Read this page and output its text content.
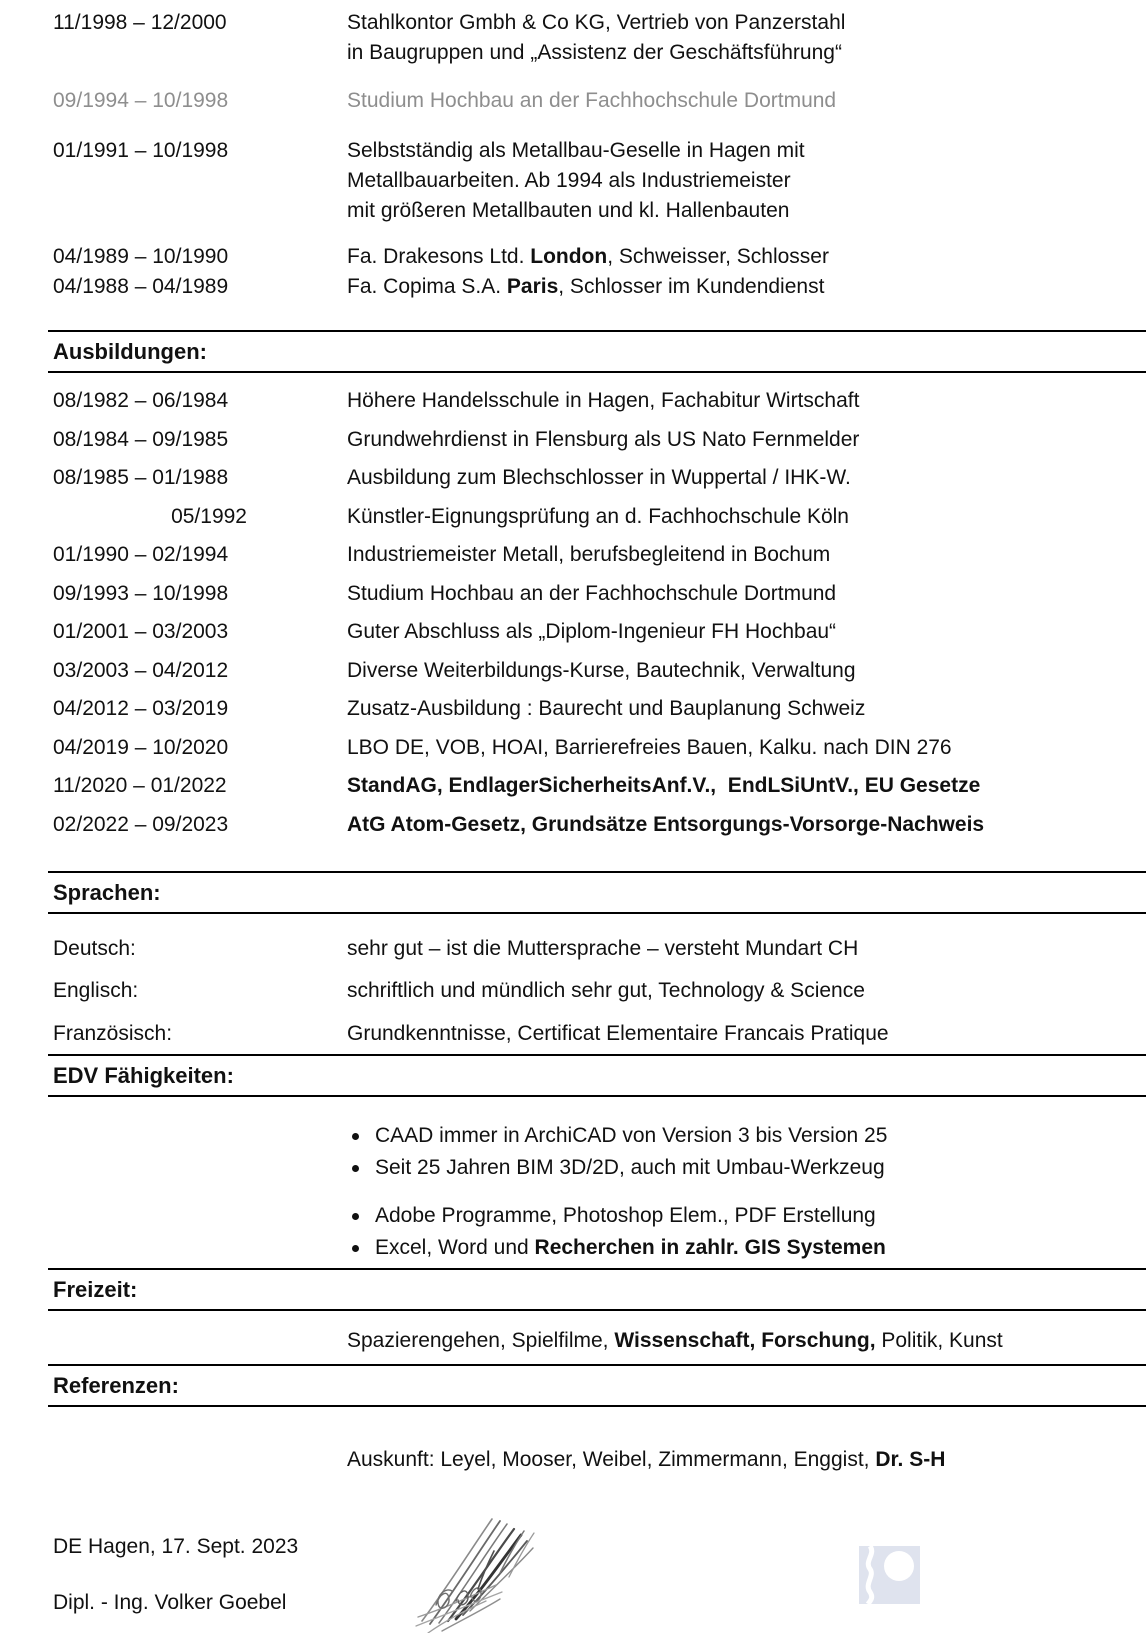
11/1998 – 12/2000	Stahlkontor Gmbh & Co KG, Vertrieb von Panzerstahl
in Baugruppen und „Assistenz der Geschäftsführung“
09/1994 – 10/1998	Studium Hochbau an der Fachhochschule Dortmund
01/1991 – 10/1998	Selbstständig als Metallbau-Geselle in Hagen mit
Metallbauarbeiten. Ab 1994 als Industriemeister
mit größeren Metallbauten und kl. Hallenbauten
04/1989 – 10/1990	Fa. Drakesons Ltd. London, Schweisser, Schlosser
04/1988 – 04/1989	Fa. Copima S.A. Paris, Schlosser im Kundendienst
Ausbildungen:
08/1982 – 06/1984	Höhere Handelsschule in Hagen, Fachabitur Wirtschaft
08/1984 – 09/1985	Grundwehrdienst in Flensburg als US Nato Fernmelder
08/1985 – 01/1988	Ausbildung zum Blechschlosser in Wuppertal / IHK-W.
05/1992	Künstler-Eignungsprüfung an d. Fachhochschule Köln
01/1990 – 02/1994	Industriemeister Metall, berufsbegleitend in Bochum
09/1993 – 10/1998	Studium Hochbau an der Fachhochschule Dortmund
01/2001 – 03/2003	Guter Abschluss als „Diplom-Ingenieur FH Hochbau“
03/2003 – 04/2012	Diverse Weiterbildungs-Kurse, Bautechnik, Verwaltung
04/2012 – 03/2019	Zusatz-Ausbildung : Baurecht und Bauplanung Schweiz
04/2019 – 10/2020	LBO DE, VOB, HOAI, Barrierefreies Bauen, Kalku. nach DIN 276
11/2020 – 01/2022	StandAG, EndlagerSicherheitsAnf.V.,  EndLSiUntV., EU Gesetze
02/2022 – 09/2023	AtG Atom-Gesetz, Grundsätze Entsorgungs-Vorsorge-Nachweis
Sprachen:
Deutsch:	sehr gut – ist die Muttersprache – versteht Mundart CH
Englisch:	schriftlich und mündlich sehr gut, Technology & Science
Französisch:	Grundkenntnisse, Certificat Elementaire Francais Pratique
EDV Fähigkeiten:
CAAD immer in ArchiCAD von Version 3 bis Version 25
Seit 25 Jahren BIM 3D/2D, auch mit Umbau-Werkzeug
Adobe Programme, Photoshop Elem., PDF Erstellung
Excel, Word und Recherchen in zahlr. GIS Systemen
Freizeit:
Spazierengehen, Spielfilme, Wissenschaft, Forschung, Politik, Kunst
Referenzen:
Auskunft: Leyel, Mooser, Weibel, Zimmermann, Enggist, Dr. S-H
DE Hagen, 17. Sept. 2023
Dipl. - Ing. Volker Goebel
